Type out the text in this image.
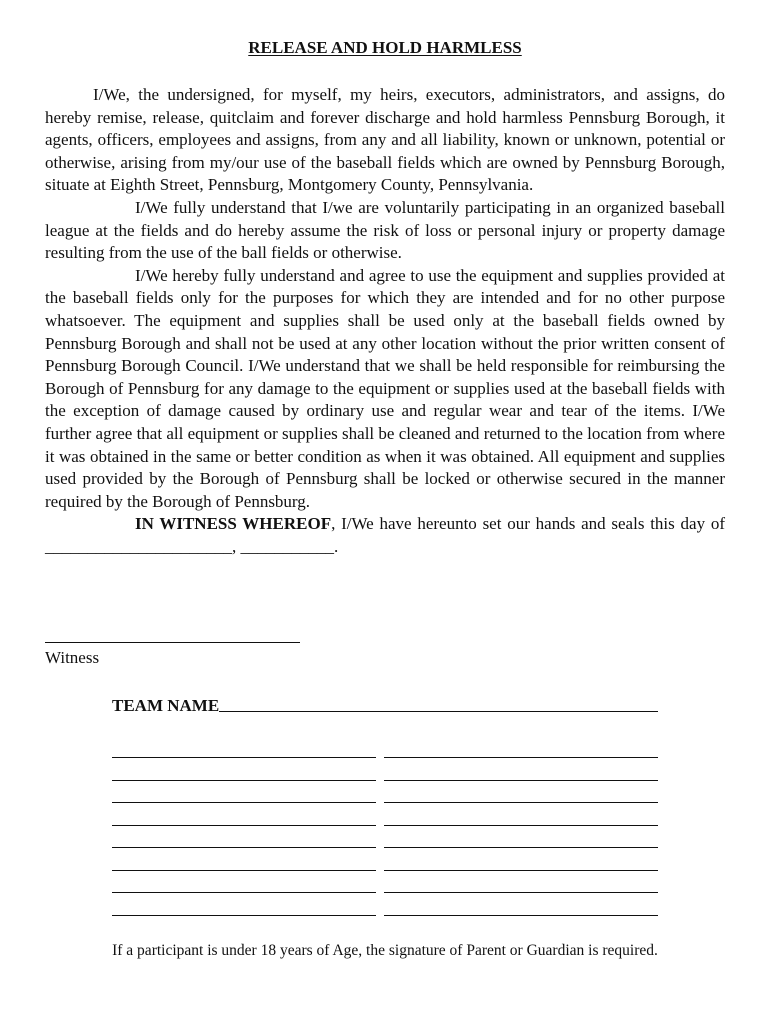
RELEASE AND HOLD HARMLESS

I/We, the undersigned, for myself, my heirs, executors, administrators, and assigns, do hereby remise, release, quitclaim and forever discharge and hold harmless Pennsburg Borough, it agents, officers, employees and assigns, from any and all liability, known or unknown, potential or otherwise, arising from my/our use of the baseball fields which are owned by Pennsburg Borough, situate at Eighth Street, Pennsburg, Montgomery County, Pennsylvania.

I/We fully understand that I/we are voluntarily participating in an organized baseball league at the fields and do hereby assume the risk of loss or personal injury or property damage resulting from the use of the ball fields or otherwise.

I/We hereby fully understand and agree to use the equipment and supplies provided at the baseball fields only for the purposes for which they are intended and for no other purpose whatsoever. The equipment and supplies shall be used only at the baseball fields owned by Pennsburg Borough and shall not be used at any other location without the prior written consent of Pennsburg Borough Council. I/We understand that we shall be held responsible for reimbursing the Borough of Pennsburg for any damage to the equipment or supplies used at the baseball fields with the exception of damage caused by ordinary use and regular wear and tear of the items. I/We further agree that all equipment or supplies shall be cleaned and returned to the location from where it was obtained in the same or better condition as when it was obtained. All equipment and supplies used provided by the Borough of Pennsburg shall be locked or otherwise secured in the manner required by the Borough of Pennsburg.

IN WITNESS WHEREOF, I/We have hereunto set our hands and seals this day of ______________________, ___________.

Witness
TEAM NAME
If a participant is under 18 years of Age, the signature of Parent or Guardian is required.
